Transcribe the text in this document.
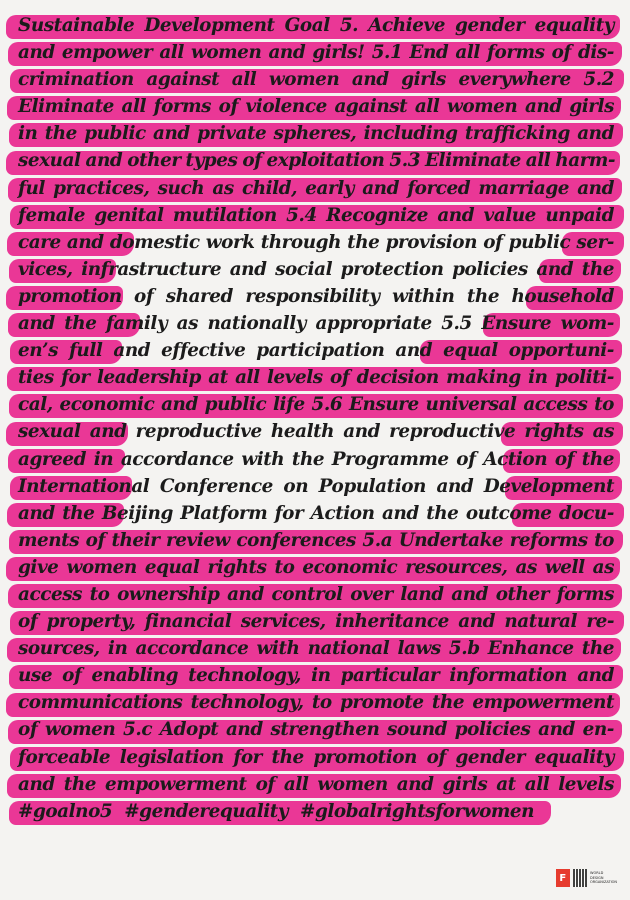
Sustainable Development Goal 5. Achieve gender equality
and empower all women and girls! 5.1 End all forms of dis-
crimination against all women and girls everywhere 5.2
Eliminate all forms of violence against all women and girls
in the public and private spheres, including trafficking and
sexual and other types of exploitation 5.3 Eliminate all harm-
ful practices, such as child, early and forced marriage and
female genital mutilation 5.4 Recognize and value unpaid
care and domestic work through the provision of public ser-
vices, infrastructure and social protection policies and the
promotion of shared responsibility within the household
and the family as nationally appropriate 5.5 Ensure wom-
en’s full and effective participation and equal opportuni-
ties for leadership at all levels of decision making in politi-
cal, economic and public life 5.6 Ensure universal access to
sexual and reproductive health and reproductive rights as
agreed in accordance with the Programme of Action of the
International Conference on Population and Development
and the Beijing Platform for Action and the outcome docu-
ments of their review conferences 5.a Undertake reforms to
give women equal rights to economic resources, as well as
access to ownership and control over land and other forms
of property, financial services, inheritance and natural re-
sources, in accordance with national laws 5.b Enhance the
use of enabling technology, in particular information and
communications technology, to promote the empowerment
of women 5.c Adopt and strengthen sound policies and en-
forceable legislation for the promotion of gender equality
and the empowerment of all women and girls at all levels
#goalno5 #genderequality #globalrightsforwomen
F	WORLD
DESIGN
ORGANIZATION
